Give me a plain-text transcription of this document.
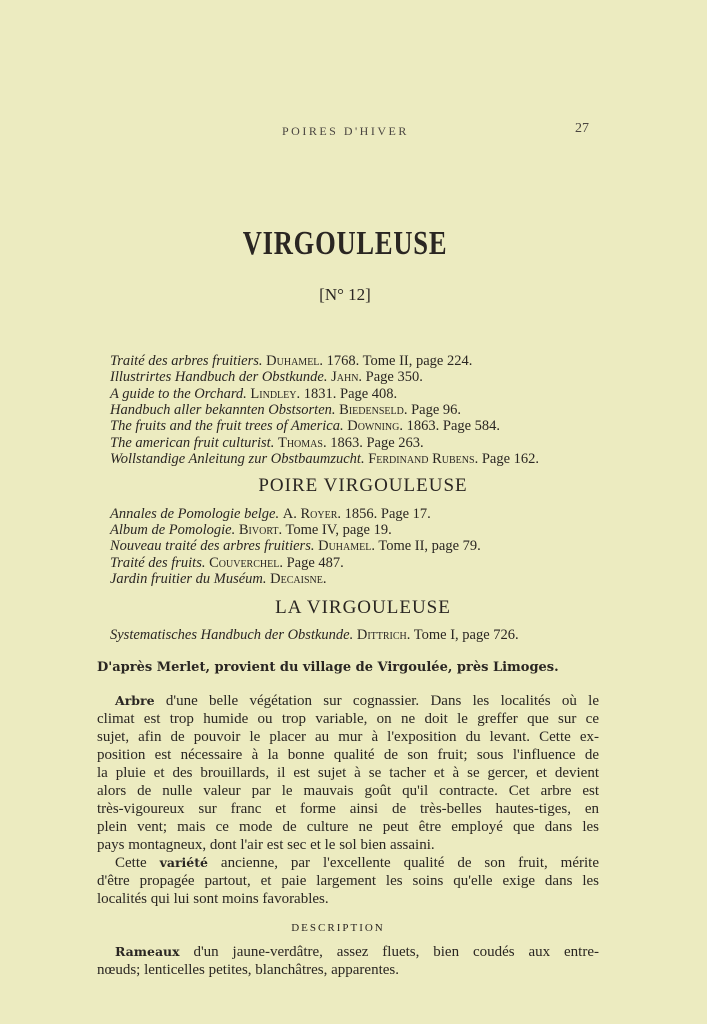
POIRES D'HIVER	27
VIRGOULEUSE
[N° 12]
Traité des arbres fruitiers. Duhamel. 1768. Tome II, page 224.
Illustrirtes Handbuch der Obstkunde. Jahn. Page 350.
A guide to the Orchard. Lindley. 1831. Page 408.
Handbuch aller bekannten Obstsorten. Biedenseld. Page 96.
The fruits and the fruit trees of America. Downing. 1863. Page 584.
The american fruit culturist. Thomas. 1863. Page 263.
Wollstandige Anleitung zur Obstbaumzucht. Ferdinand Rubens. Page 162.
POIRE VIRGOULEUSE
Annales de Pomologie belge. A. Royer. 1856. Page 17.
Album de Pomologie. Bivort. Tome IV, page 19.
Nouveau traité des arbres fruitiers. Duhamel. Tome II, page 79.
Traité des fruits. Couverchel. Page 487.
Jardin fruitier du Muséum. Decaisne.
LA VIRGOULEUSE
Systematisches Handbuch der Obstkunde. Dittrich. Tome I, page 726.
D'après Merlet, provient du village de Virgoulée, près Limoges.
Arbre d'une belle végétation sur cognassier. Dans les localités où le
climat est trop humide ou trop variable, on ne doit le greffer que sur ce
sujet, afin de pouvoir le placer au mur à l'exposition du levant. Cette ex-
position est nécessaire à la bonne qualité de son fruit; sous l'influence de
la pluie et des brouillards, il est sujet à se tacher et à se gercer, et devient
alors de nulle valeur par le mauvais goût qu'il contracte. Cet arbre est
très-vigoureux sur franc et forme ainsi de très-belles hautes-tiges, en
plein vent; mais ce mode de culture ne peut être employé que dans les
pays montagneux, dont l'air est sec et le sol bien assaini.
Cette variété ancienne, par l'excellente qualité de son fruit, mérite
d'être propagée partout, et paie largement les soins qu'elle exige dans les
localités qui lui sont moins favorables.
DESCRIPTION
Rameaux d'un jaune-verdâtre, assez fluets, bien coudés aux entre-
nœuds; lenticelles petites, blanchâtres, apparentes.
